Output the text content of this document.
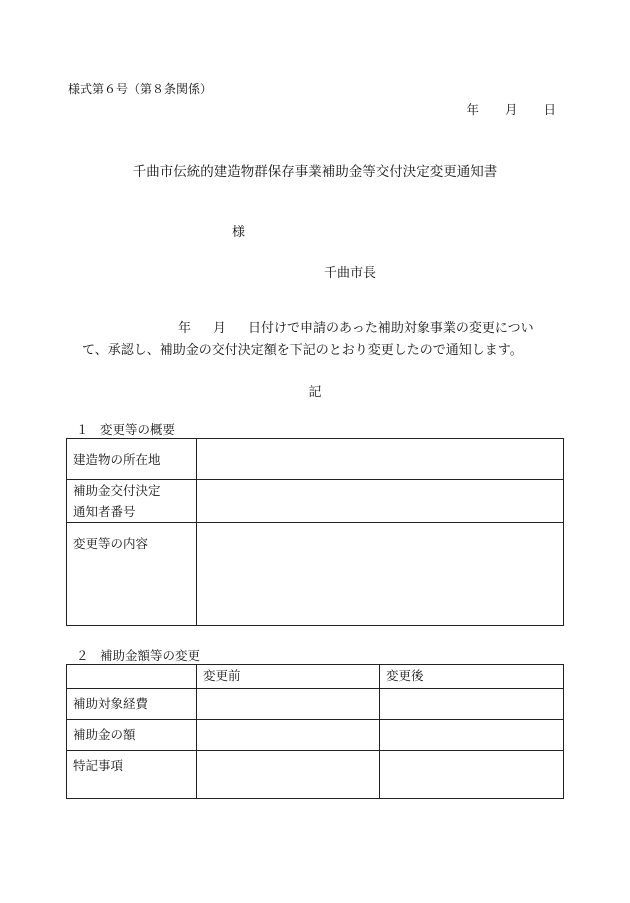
様式第６号（第８条関係）
年 月 日
千曲市伝統的建造物群保存事業補助金等交付決定変更通知書
様
千曲市長
年 月 日付けで申請のあった補助対象事業の変更につい
て、承認し、補助金の交付決定額を下記のとおり変更したので通知します。
記
１ 変更等の概要
建造物の所在地	

補助金交付決定
通知者番号	

変更等の内容	

２ 補助金額等の変更
	変更前	変更後

補助対象経費		

補助金の額		

特記事項		
